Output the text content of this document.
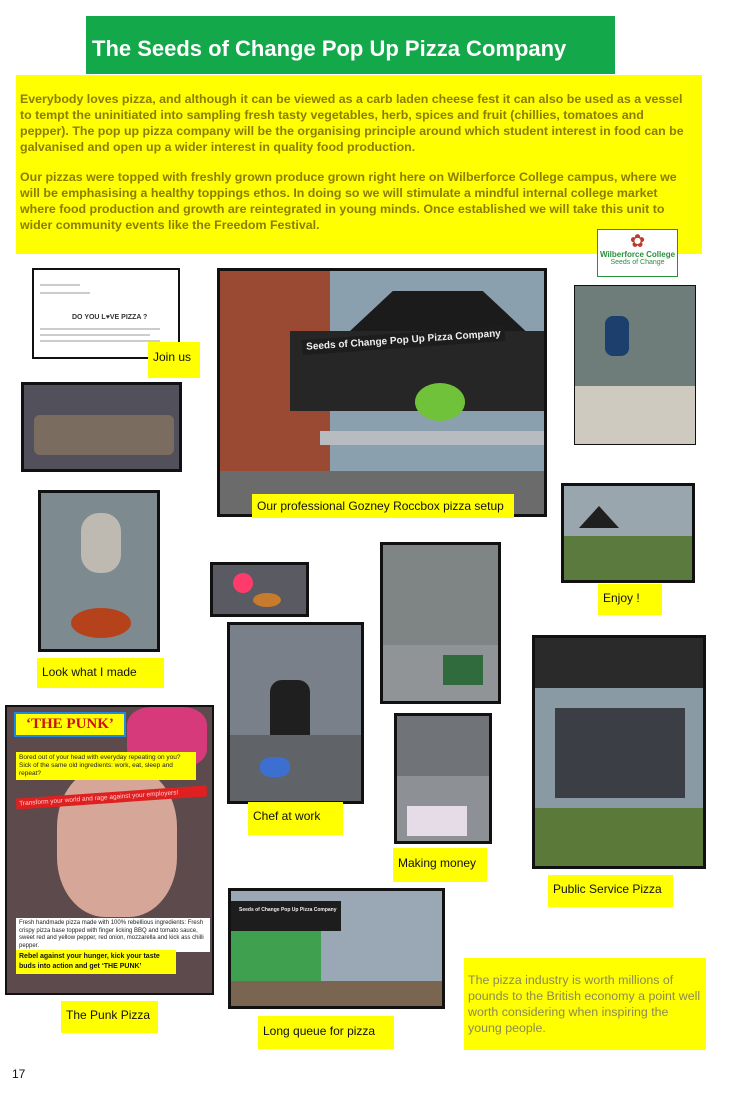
The Seeds of Change Pop Up Pizza Company

Everybody loves pizza, and although it can be viewed as a carb laden cheese fest it can also be used as a vessel to tempt the uninitiated into sampling fresh tasty vegetables, herb, spices and fruit (chillies, tomatoes and pepper). The pop up pizza company will be the organising principle around which student interest in food can be galvanised and open up a wider interest in quality food production.

Our pizzas were topped with freshly grown produce grown right here on Wilberforce College campus, where we will be emphasising a healthy toppings ethos. In doing so we will stimulate a mindful internal college market where food production and growth are reintegrated in young minds. Once established we will take this unit to wider community events like the Freedom Festival.

✿
Wilberforce College
Seeds of Change
DO YOU L♥VE PIZZA ?
Join us
Seeds of Change Pop Up Pizza Company
Our professional Gozney Roccbox pizza setup
Look what I made
Chef at work
Making money
Enjoy !
Public Service Pizza
‘THE PUNK’
Bored out of your head with everyday repeating on you? Sick of the same old ingredients: work, eat, sleep and repeat?
Transform your world and rage against your employers!
Fresh handmade pizza made with 100% rebellious ingredients: Fresh crispy pizza base topped with finger licking BBQ and tomato sauce, sweet red and yellow pepper, red onion, mozzarella and kick ass chilli pepper.
Rebel against your hunger, kick your taste buds into action and get ‘THE PUNK’
The Punk Pizza
Seeds of Change Pop Up Pizza Company
Long queue for pizza
The pizza industry is worth millions of pounds to the British economy a point well worth considering when inspiring the young people.
17
